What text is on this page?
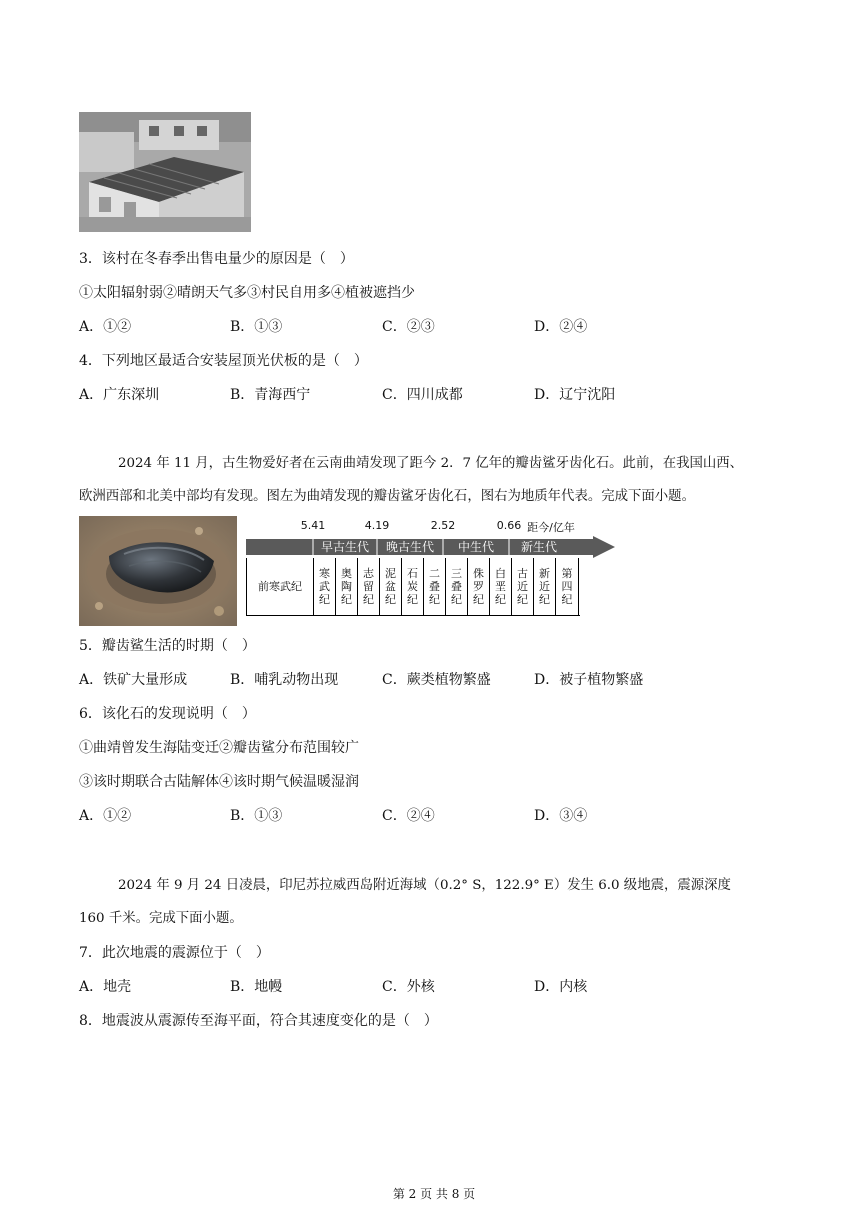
3．该村在冬春季出售电量少的原因是（　）
①太阳辐射弱②晴朗天气多③村民自用多④植被遮挡少
A．①②	B．①③	C．②③	D．②④
4．下列地区最适合安装屋顶光伏板的是（　）
A．广东深圳	B．青海西宁	C．四川成都	D．辽宁沈阳
2024 年 11 月，古生物爱好者在云南曲靖发现了距今 2．7 亿年的瓣齿鲨牙齿化石。此前，在我国山西、
欧洲西部和北美中部均有发现。图左为曲靖发现的瓣齿鲨牙齿化石，图右为地质年代表。完成下面小题。
5.41	4.19	2.52	0.66 距今/亿年
早古生代	晚古生代	中生代	新生代
前寒武纪
寒武纪
奥陶纪
志留纪
泥盆纪
石炭纪
二叠纪
三叠纪
侏罗纪
白垩纪
古近纪
新近纪
第四纪
5．瓣齿鲨生活的时期（　）
A．铁矿大量形成	B．哺乳动物出现	C．蕨类植物繁盛	D．被子植物繁盛
6．该化石的发现说明（　）
①曲靖曾发生海陆变迁②瓣齿鲨分布范围较广
③该时期联合古陆解体④该时期气候温暖湿润
A．①②	B．①③	C．②④	D．③④
2024 年 9 月 24 日凌晨，印尼苏拉威西岛附近海域（0.2° S，122.9° E）发生 6.0 级地震，震源深度
160 千米。完成下面小题。
7．此次地震的震源位于（　）
A．地壳	B．地幔	C．外核	D．内核
8．地震波从震源传至海平面，符合其速度变化的是（　）
第 2 页 共 8 页
